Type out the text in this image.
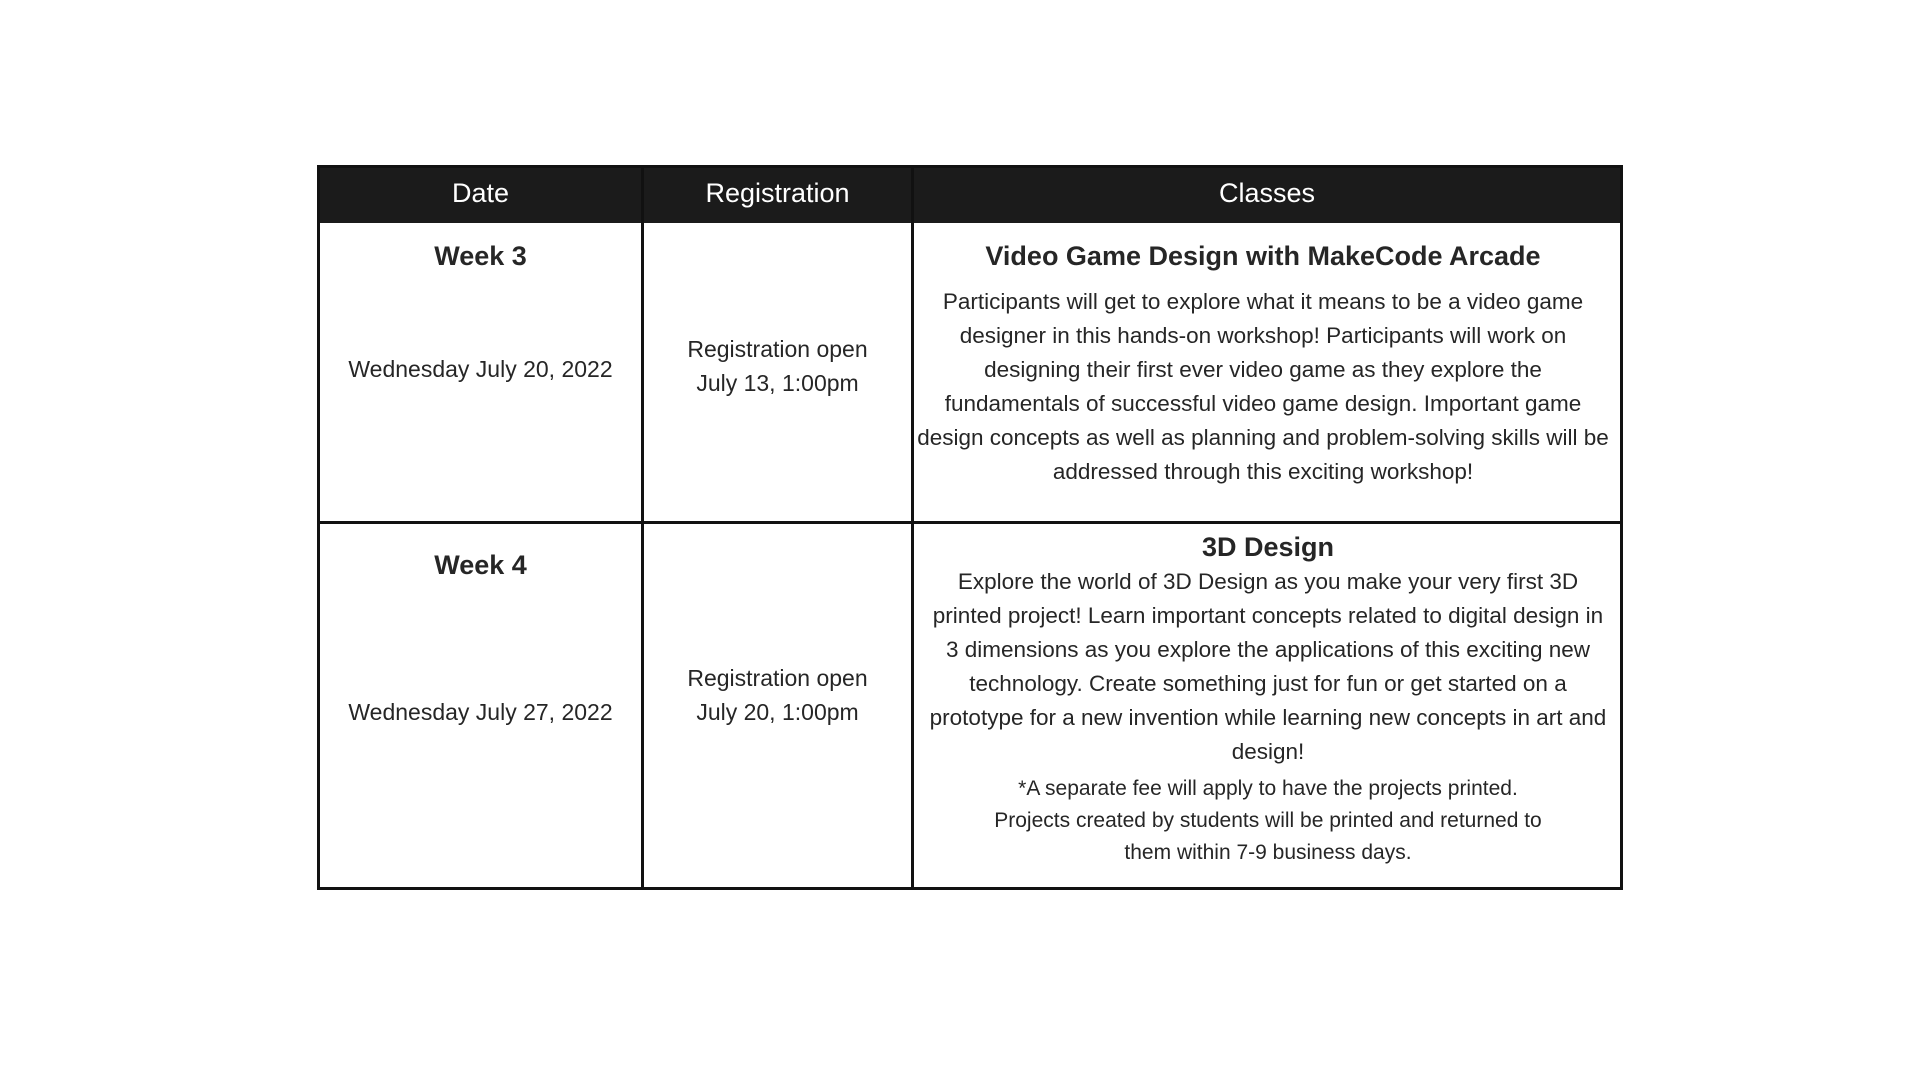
Date	Registration	Classes
Week 3
Wednesday July 20, 2022
Registration open
July 13, 1:00pm
Video Game Design with MakeCode Arcade
Participants will get to explore what it means to be a video game designer in this hands-on workshop! Participants will work on designing their first ever video game as they explore the fundamentals of successful video game design. Important game design concepts as well as planning and problem-solving skills will be addressed through this exciting workshop!
Week 4
Wednesday July 27, 2022
Registration open
July 20, 1:00pm
3D Design
Explore the world of 3D Design as you make your very first 3D printed project! Learn important concepts related to digital design in 3 dimensions as you explore the applications of this exciting new technology. Create something just for fun or get started on a prototype for a new invention while learning new concepts in art and design!
*A separate fee will apply to have the projects printed.
Projects created by students will be printed and returned to
them within 7-9 business days.
